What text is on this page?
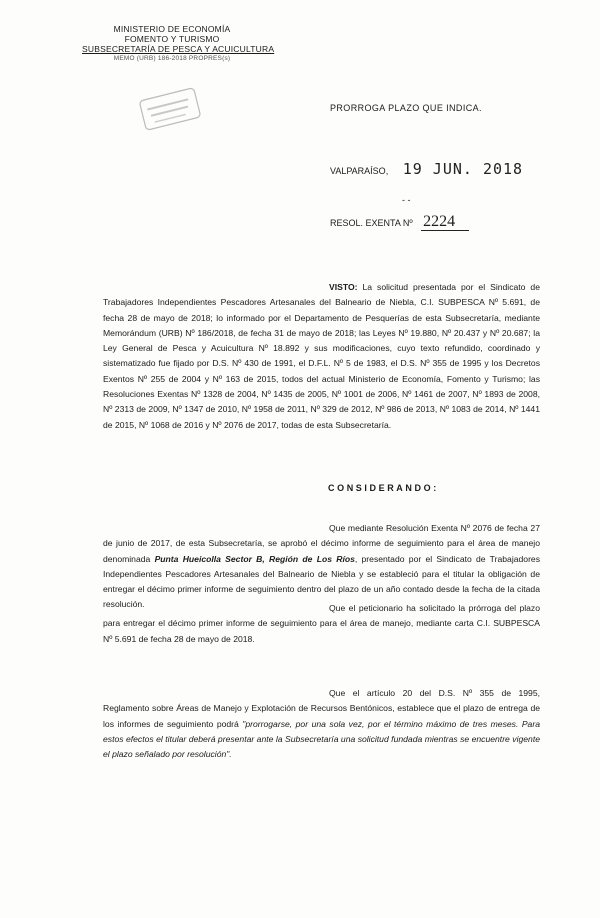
MINISTERIO DE ECONOMÍA
FOMENTO Y TURISMO
SUBSECRETARÍA DE PESCA Y ACUICULTURA
MEMO (URB) 186-2018 PROPRES(s)
PRORROGA PLAZO QUE INDICA.
VALPARAÍSO, 19 JUN. 2018
- -
RESOL. EXENTA Nº 2224

VISTO: La solicitud presentada por el Sindicato de Trabajadores Independientes Pescadores Artesanales del Balneario de Niebla, C.I. SUBPESCA Nº 5.691, de fecha 28 de mayo de 2018; lo informado por el Departamento de Pesquerías de esta Subsecretaría, mediante Memorándum (URB) Nº 186/2018, de fecha 31 de mayo de 2018; las Leyes Nº 19.880, Nº 20.437 y Nº 20.687; la Ley General de Pesca y Acuicultura Nº 18.892 y sus modificaciones, cuyo texto refundido, coordinado y sistematizado fue fijado por D.S. Nº 430 de 1991, el D.F.L. Nº 5 de 1983, el D.S. Nº 355 de 1995 y los Decretos Exentos Nº 255 de 2004 y Nº 163 de 2015, todos del actual Ministerio de Economía, Fomento y Turismo; las Resoluciones Exentas Nº 1328 de 2004, Nº 1435 de 2005, Nº 1001 de 2006, Nº 1461 de 2007, Nº 1893 de 2008, Nº 2313 de 2009, Nº 1347 de 2010, Nº 1958 de 2011, Nº 329 de 2012, Nº 986 de 2013, Nº 1083 de 2014, Nº 1441 de 2015, Nº 1068 de 2016 y Nº 2076 de 2017, todas de esta Subsecretaría.

CONSIDERANDO:

Que mediante Resolución Exenta Nº 2076 de fecha 27 de junio de 2017, de esta Subsecretaría, se aprobó el décimo informe de seguimiento para el área de manejo denominada Punta Hueicolla Sector B, Región de Los Ríos, presentado por el Sindicato de Trabajadores Independientes Pescadores Artesanales del Balneario de Niebla y se estableció para el titular la obligación de entregar el décimo primer informe de seguimiento dentro del plazo de un año contado desde la fecha de la citada resolución.	Que el peticionario ha solicitado la prórroga del plazo para entregar el décimo primer informe de seguimiento para el área de manejo, mediante carta C.I. SUBPESCA Nº 5.691 de fecha 28 de mayo de 2018.

Que el artículo 20 del D.S. Nº 355 de 1995, Reglamento sobre Áreas de Manejo y Explotación de Recursos Bentónicos, establece que el plazo de entrega de los informes de seguimiento podrá "prorrogarse, por una sola vez, por el término máximo de tres meses. Para estos efectos el titular deberá presentar ante la Subsecretaría una solicitud fundada mientras se encuentre vigente el plazo señalado por resolución".
